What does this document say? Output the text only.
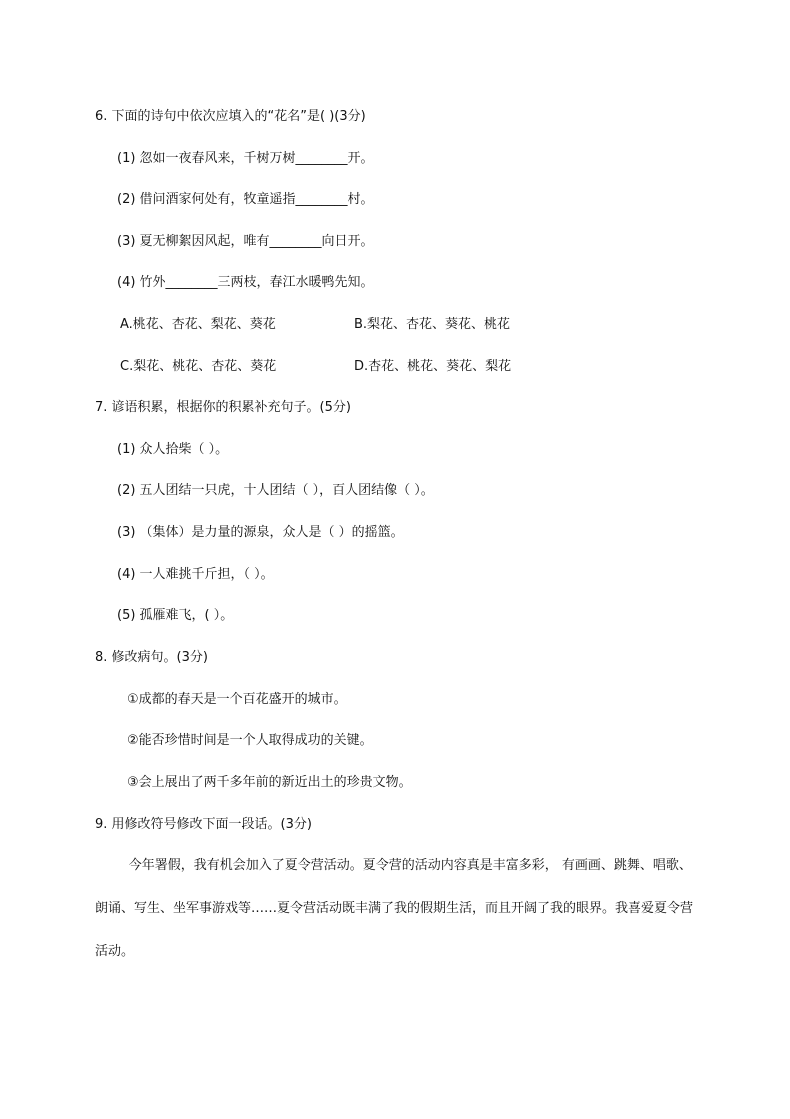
6. 下面的诗句中依次应填入的“花名”是( )(3分)
(1) 忽如一夜春风来，千树万树________开。
(2) 借问酒家何处有，牧童遥指________村。
(3) 夏无柳絮因风起，唯有________向日开。
(4) 竹外________三两枝，春江水暖鸭先知。
A.桃花、杏花、梨花、葵花	B.梨花、杏花、葵花、桃花
C.梨花、桃花、杏花、葵花	D.杏花、桃花、葵花、梨花
7. 谚语积累，根据你的积累补充句子。(5分)
(1) 众人拾柴（ ）。
(2) 五人团结一只虎，十人团结（ ），百人团结像（ ）。
(3) （集体）是力量的源泉，众人是（ ）的摇篮。
(4) 一人难挑千斤担，（ ）。
(5) 孤雁难飞，( ）。
8. 修改病句。(3分)
①成都的春天是一个百花盛开的城市。
②能否珍惜时间是一个人取得成功的关键。
③会上展出了两千多年前的新近出土的珍贵文物。
9. 用修改符号修改下面一段话。(3分)
今年署假，我有机会加入了夏令营活动。夏令营的活动内容真是丰富多彩， 有画画、跳舞、唱歌、朗诵、写生、坐军事游戏等……夏令营活动既丰满了我的假期生活，而且开阔了我的眼界。我喜爱夏令营活动。
